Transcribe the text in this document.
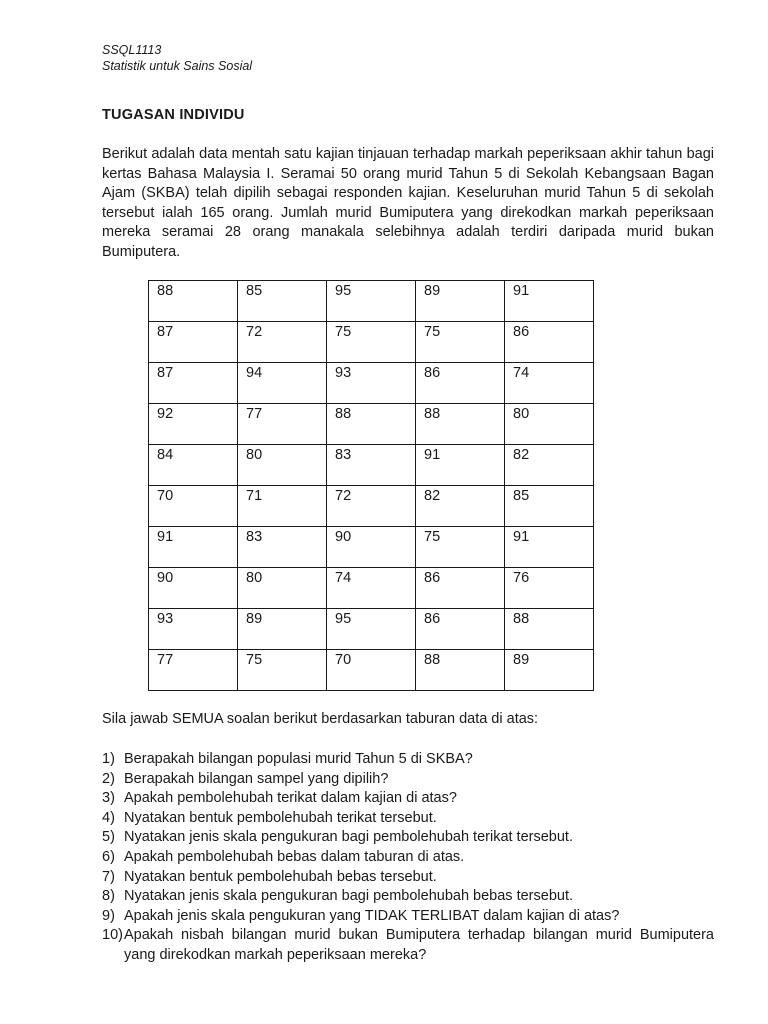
SSQL1113
Statistik untuk Sains Sosial
TUGASAN INDIVIDU

Berikut adalah data mentah satu kajian tinjauan terhadap markah peperiksaan akhir tahun bagi kertas Bahasa Malaysia I. Seramai 50 orang murid Tahun 5 di Sekolah Kebangsaan Bagan Ajam (SKBA) telah dipilih sebagai responden kajian. Keseluruhan murid Tahun 5 di sekolah tersebut ialah 165 orang. Jumlah murid Bumiputera yang direkodkan markah peperiksaan mereka seramai 28 orang manakala selebihnya adalah terdiri daripada murid bukan Bumiputera.

88	85	95	89	91
87	72	75	75	86
87	94	93	86	74
92	77	88	88	80
84	80	83	91	82
70	71	72	82	85
91	83	90	75	91
90	80	74	86	76
93	89	95	86	88
77	75	70	88	89
Sila jawab SEMUA soalan berikut berdasarkan taburan data di atas:
1) Berapakah bilangan populasi murid Tahun 5 di SKBA?
2) Berapakah bilangan sampel yang dipilih?
3) Apakah pembolehubah terikat dalam kajian di atas?
4) Nyatakan bentuk pembolehubah terikat tersebut.
5) Nyatakan jenis skala pengukuran bagi pembolehubah terikat tersebut.
6) Apakah pembolehubah bebas dalam taburan di atas.
7) Nyatakan bentuk pembolehubah bebas tersebut.
8) Nyatakan jenis skala pengukuran bagi pembolehubah bebas tersebut.
9) Apakah jenis skala pengukuran yang TIDAK TERLIBAT dalam kajian di atas?
10) Apakah nisbah bilangan murid bukan Bumiputera terhadap bilangan murid Bumiputera yang direkodkan markah peperiksaan mereka?
